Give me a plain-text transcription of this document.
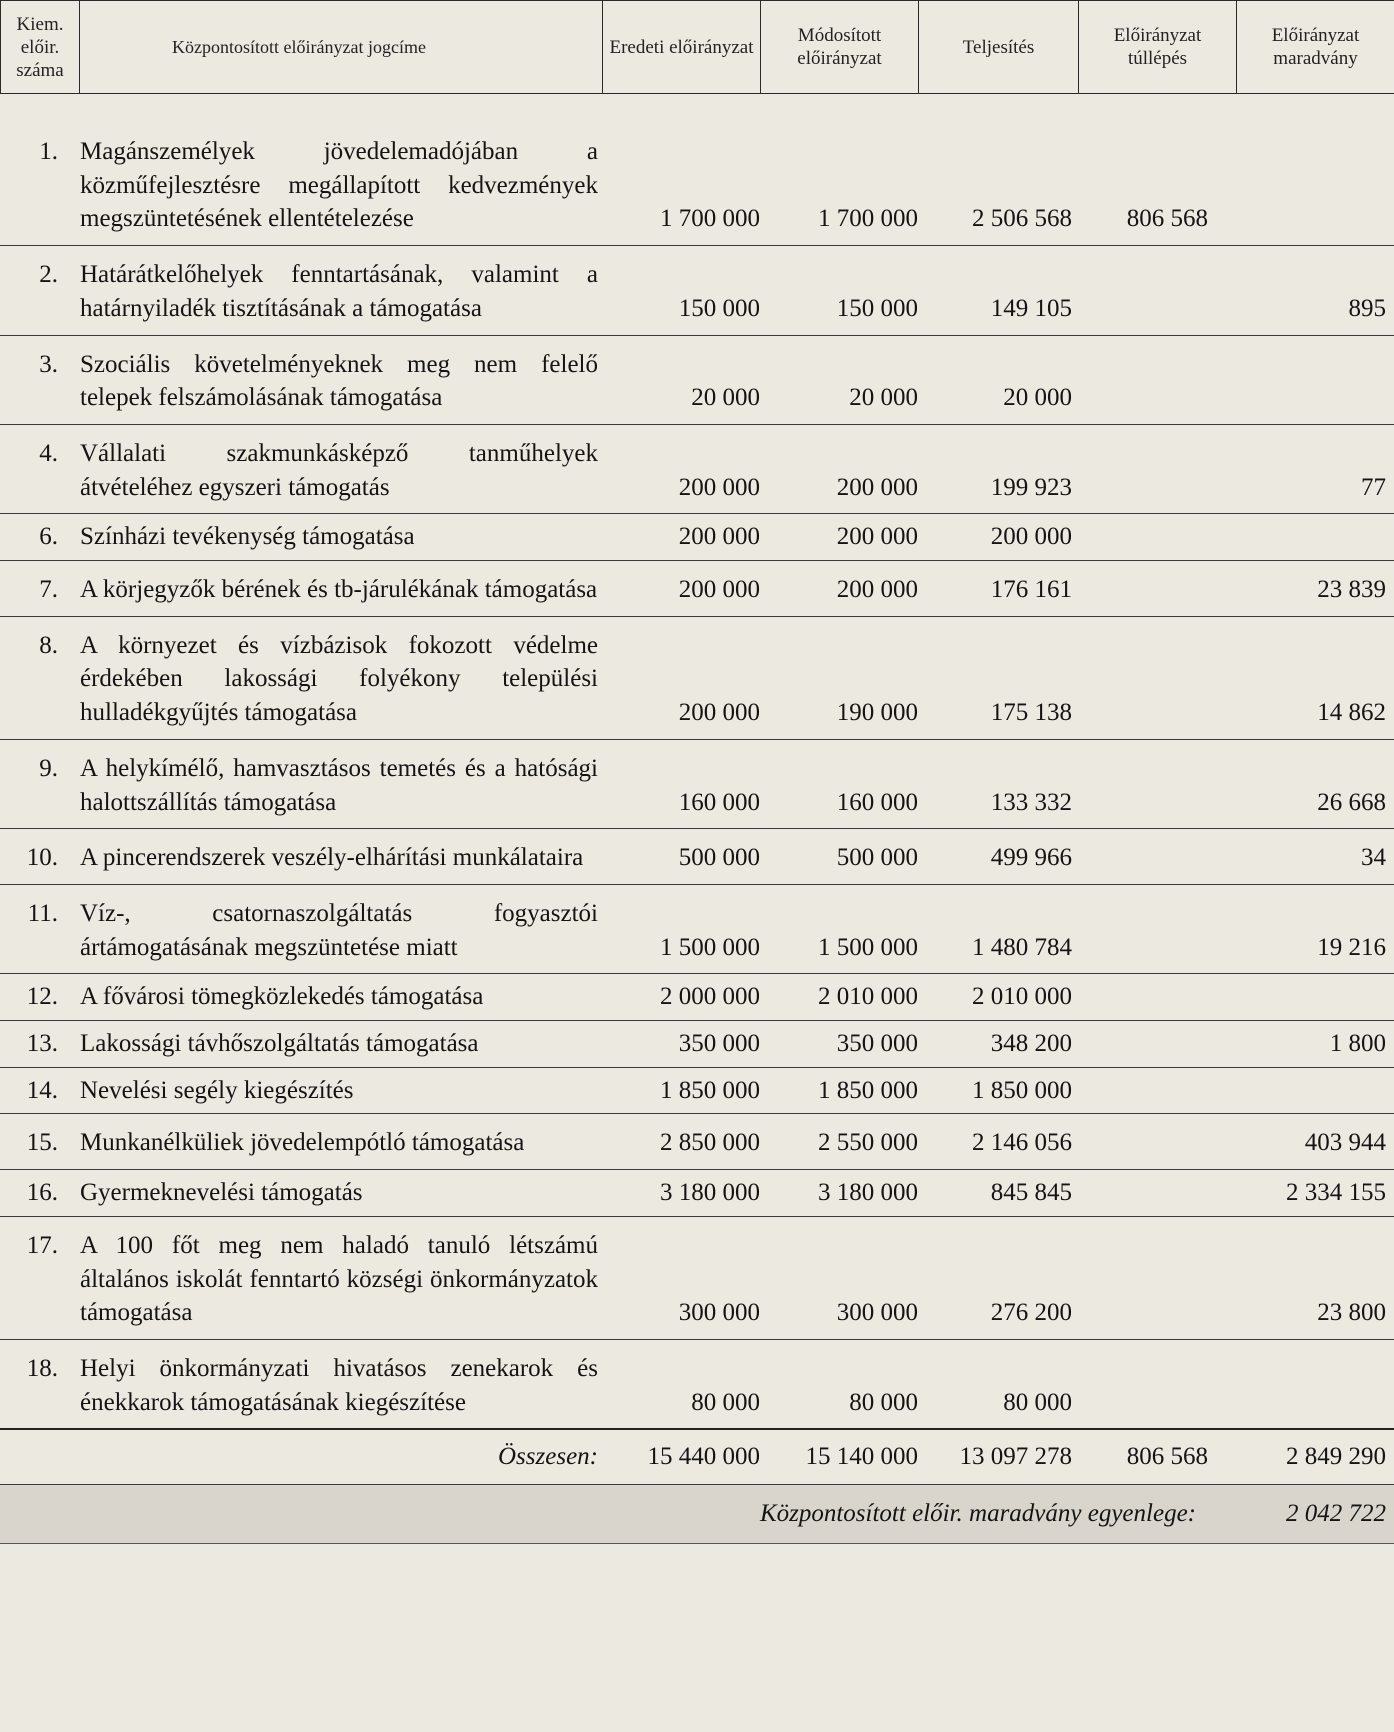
Kiem. előir. száma	Központosított előirányzat jogcíme	Eredeti előirányzat	Módosított előirányzat	Teljesítés	Előirányzat túllépés	Előirányzat maradvány
1.	Magánszemélyek jövedelemadójában a közműfejlesztésre megállapított kedvezmények megszüntetésének ellentételezése	1 700 000	1 700 000	2 506 568	806 568	
2.	Határátkelőhelyek fenntartásának, valamint a határnyiladék tisztításának a támogatása	150 000	150 000	149 105		895
3.	Szociális követelményeknek meg nem felelő telepek felszámolásának támogatása	20 000	20 000	20 000		
4.	Vállalati szakmunkásképző tanműhelyek átvételéhez egyszeri támogatás	200 000	200 000	199 923		77
6.	Színházi tevékenység támogatása	200 000	200 000	200 000		
7.	A körjegyzők bérének és tb-járulékának támogatása	200 000	200 000	176 161		23 839
8.	A környezet és vízbázisok fokozott védelme érdekében lakossági folyékony települési hulladékgyűjtés támogatása	200 000	190 000	175 138		14 862
9.	A helykímélő, hamvasztásos temetés és a hatósági halottszállítás támogatása	160 000	160 000	133 332		26 668
10.	A pincerendszerek veszély-elhárítási munkálataira	500 000	500 000	499 966		34
11.	Víz-, csatornaszolgáltatás fogyasztói ártámogatásának megszüntetése miatt	1 500 000	1 500 000	1 480 784		19 216
12.	A fővárosi tömegközlekedés támogatása	2 000 000	2 010 000	2 010 000		
13.	Lakossági távhőszolgáltatás támogatása	350 000	350 000	348 200		1 800
14.	Nevelési segély kiegészítés	1 850 000	1 850 000	1 850 000		
15.	Munkanélküliek jövedelempótló támogatása	2 850 000	2 550 000	2 146 056		403 944
16.	Gyermeknevelési támogatás	3 180 000	3 180 000	845 845		2 334 155
17.	A 100 főt meg nem haladó tanuló létszámú általános iskolát fenntartó községi önkormányzatok támogatása	300 000	300 000	276 200		23 800
18.	Helyi önkormányzati hivatásos zenekarok és énekkarok támogatásának kiegészítése	80 000	80 000	80 000		
Összesen:		15 440 000	15 140 000	13 097 278	806 568	2 849 290
Központosított előir. maradvány egyenlege:						2 042 722
